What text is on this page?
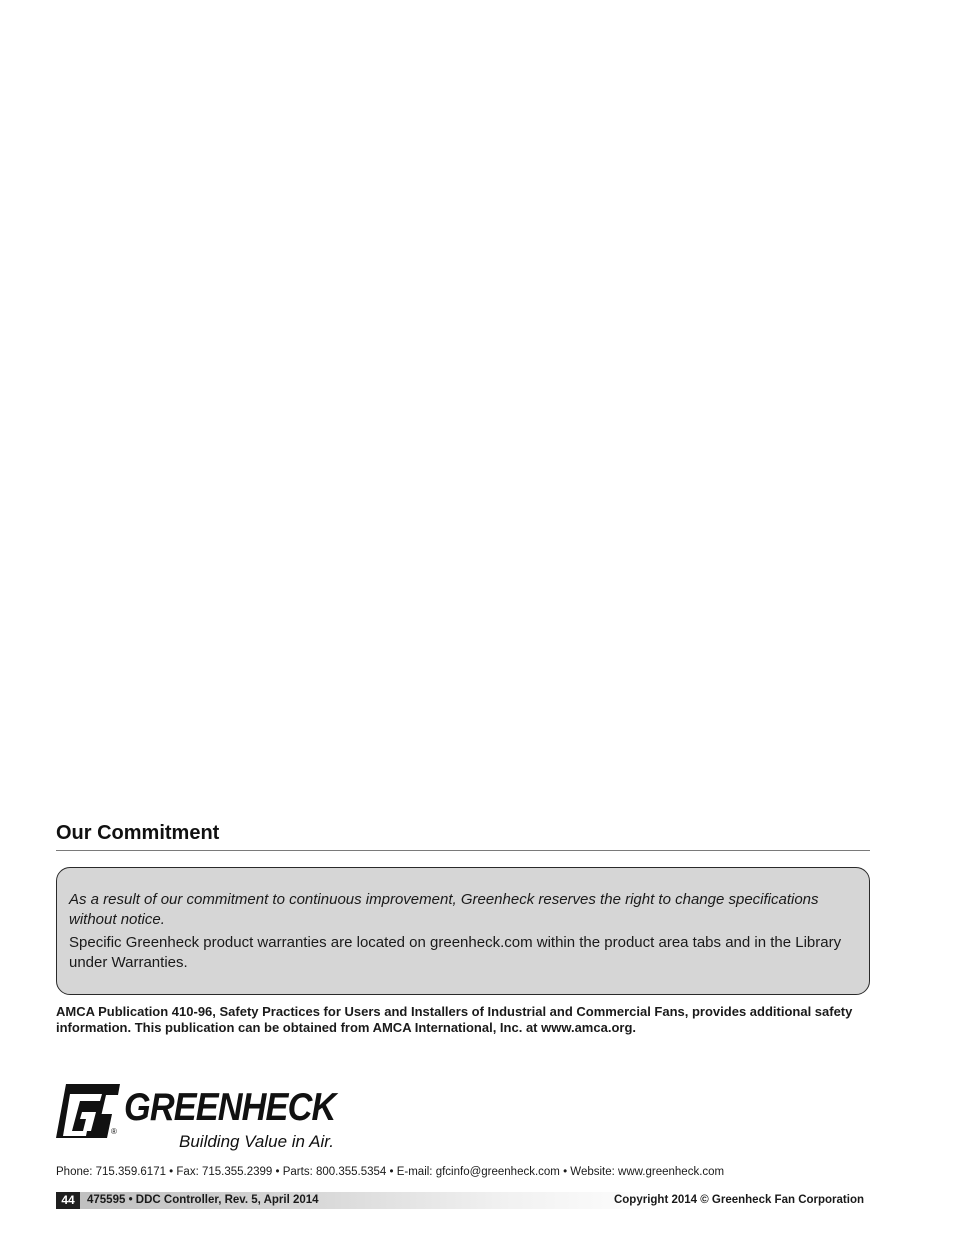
Our Commitment

As a result of our commitment to continuous improvement, Greenheck reserves the right to change specifications without notice.

Specific Greenheck product warranties are located on greenheck.com within the product area tabs and in the Library under Warranties.

AMCA Publication 410-96, Safety Practices for Users and Installers of Industrial and Commercial Fans, provides additional safety information. This publication can be obtained from AMCA International, Inc. at www.amca.org.

®
GREENHECK
Building Value in Air.
Phone: 715.359.6171 • Fax: 715.355.2399 • Parts: 800.355.5354 • E-mail: gfcinfo@greenheck.com • Website: www.greenheck.com
44	475595 • DDC Controller, Rev. 5, April 2014	Copyright 2014 © Greenheck Fan Corporation
